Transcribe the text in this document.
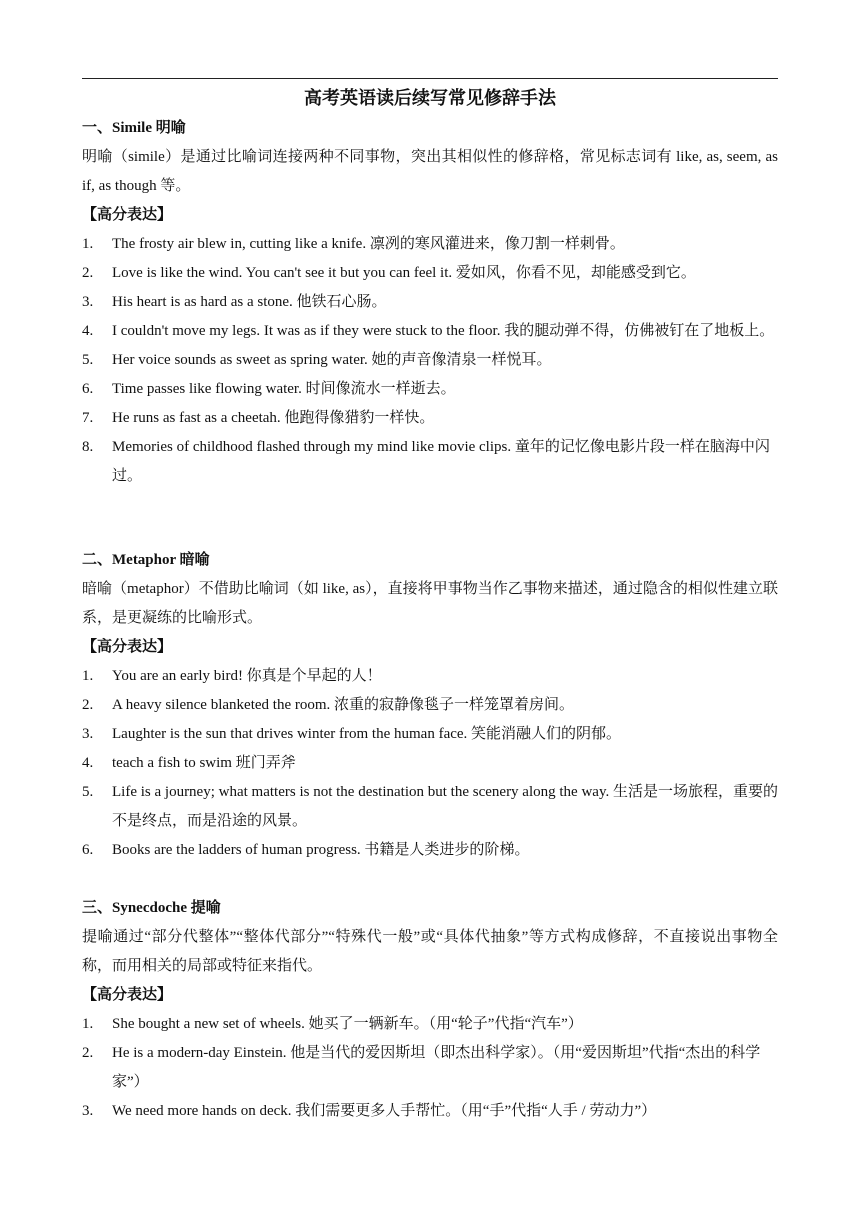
高考英语读后续写常见修辞手法
一、Simile 明喻
明喻（simile）是通过比喻词连接两种不同事物，突出其相似性的修辞格，常见标志词有 like, as, seem, as if, as though 等。
【高分表达】
1. The frosty air blew in, cutting like a knife. 凛冽的寒风灌进来，像刀割一样刺骨。
2. Love is like the wind. You can't see it but you can feel it. 爱如风，你看不见，却能感受到它。
3. His heart is as hard as a stone. 他铁石心肠。
4. I couldn't move my legs. It was as if they were stuck to the floor. 我的腿动弹不得，仿佛被钉在了地板上。
5. Her voice sounds as sweet as spring water. 她的声音像清泉一样悦耳。
6. Time passes like flowing water. 时间像流水一样逝去。
7. He runs as fast as a cheetah. 他跑得像猎豹一样快。
8. Memories of childhood flashed through my mind like movie clips. 童年的记忆像电影片段一样在脑海中闪过。
二、Metaphor 暗喻
暗喻（metaphor）不借助比喻词（如 like, as），直接将甲事物当作乙事物来描述，通过隐含的相似性建立联系，是更凝练的比喻形式。
【高分表达】
1. You are an early bird! 你真是个早起的人！
2. A heavy silence blanketed the room. 浓重的寂静像毯子一样笼罩着房间。
3. Laughter is the sun that drives winter from the human face. 笑能消融人们的阴郁。
4. teach a fish to swim 班门弄斧
5. Life is a journey; what matters is not the destination but the scenery along the way. 生活是一场旅程，重要的不是终点，而是沿途的风景。
6. Books are the ladders of human progress. 书籍是人类进步的阶梯。
三、Synecdoche 提喻
提喻通过“部分代整体”“整体代部分”“特殊代一般”或“具体代抽象”等方式构成修辞，不直接说出事物全称，而用相关的局部或特征来指代。
【高分表达】
1. She bought a new set of wheels. 她买了一辆新车。（用“轮子”代指“汽车”）
2. He is a modern-day Einstein. 他是当代的爱因斯坦（即杰出科学家）。（用“爱因斯坦”代指“杰出的科学家”）
3. We need more hands on deck. 我们需要更多人手帮忙。（用“手”代指“人手 / 劳动力”）
